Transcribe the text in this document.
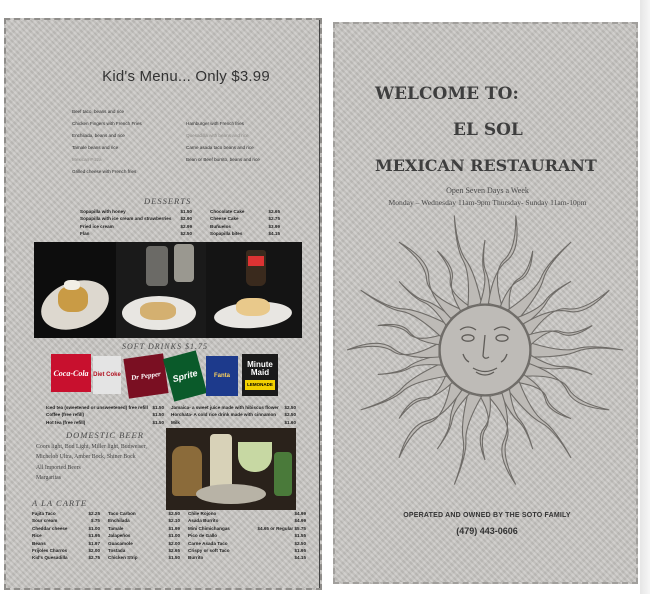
Kid's Menu... Only $3.99
Beef taco, beans and rice
Chicken Fingers with French Fries
Enchilada, beans and rice
Tamale beans and rice
Mexican Pizza
Grilled cheese with French fries
Hamburger with French fries
Quesadilla with beans and rice
Carne asada taco beans and rice
Bean or Beef burrito, beans and rice
DESSERTS
Sopapilla with honey	$1.50
Sopapilla with ice cream and strawberries $2.90
Fried ice cream	$2.99
Flan	$2.50
Chocolate Cake	$2.65
Cheese Cake	$2.75
Buñuelos	$3.99
Sopapilla bites	$4.15
SOFT DRINKS $1.75
Coca-Cola Diet Coke	Dr Pepper	Sprite	Fanta
Minute Maid
LEMONADE
Iced tea (sweetened or unsweetened) free refill $1.50
Coffee (free refill)	$1.50
Hot tea (free refill)	$1.50
Jamaica- a sweet juice made with hibiscus flower $2.50
Horchata- A cold rice drink made with cinnamon $2.50
Milk	$1.60
DOMESTIC BEER
Coors light, Bud Light, Miller light, Budweiser,
Michelob Ultra, Amber Bock, Shiner Bock
All Imported Beers
Margaritas
A LA CARTE
Fajita Taco	$2.25
Sour cream	$.75
Cheddar cheese	$1.00
Rice	$1.95
Beans	$1.97
Frijoles Charros	$2.00
Kid's Quesadilla	$2.75
Taco Carbon	$2.50
Enchilada	$2.10
Tamale	$1.99
Jalapeños	$1.00
Guacamole	$2.00
Tostada	$2.65
Chicken Strip	$1.50
Chile Rojono	$4.99
Asada Burrito	$4.99
Mini Chimichangas	$4.65 or Regular $5.75
Pico de Gallo	$1.55
Carne Asada Taco	$2.50
Crispy or soft Taco	$1.95
Burrito	$4.15
WELCOME TO:
EL SOL
MEXICAN RESTAURANT
Open Seven Days a Week
Monday – Wednesday 11am-9pm Thursday- Sunday 11am-10pm
OPERATED AND OWNED BY THE SOTO FAMILY
(479) 443-0606
